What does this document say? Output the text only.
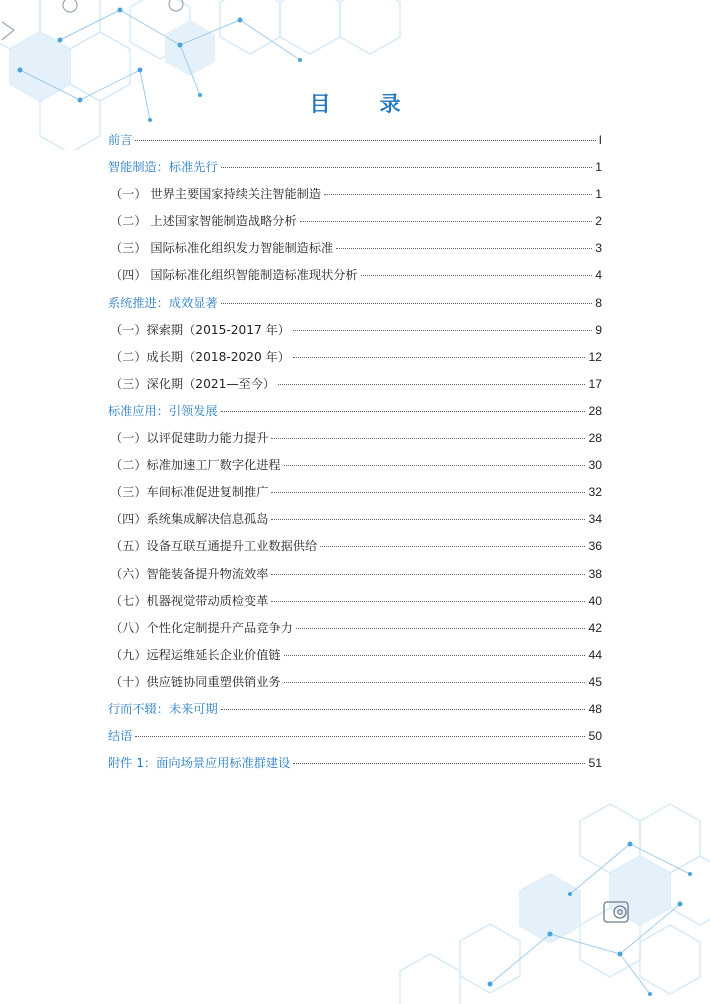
目　录
前言	I
智能制造：标准先行	1
（一） 世界主要国家持续关注智能制造	1
（二） 上述国家智能制造战略分析	2
（三） 国际标准化组织发力智能制造标准	3
（四） 国际标准化组织智能制造标准现状分析	4
系统推进：成效显著	8
（一）探索期（2015-2017 年）	9
（二）成长期（2018-2020 年）	12
（三）深化期（2021—至今）	17
标准应用：引领发展	28
（一）以评促建助力能力提升	28
（二）标准加速工厂数字化进程	30
（三）车间标准促进复制推广	32
（四）系统集成解决信息孤岛	34
（五）设备互联互通提升工业数据供给	36
（六）智能装备提升物流效率	38
（七）机器视觉带动质检变革	40
（八）个性化定制提升产品竞争力	42
（九）远程运维延长企业价值链	44
（十）供应链协同重塑供销业务	45
行而不辍：未来可期	48
结语	50
附件 1：面向场景应用标准群建设	51
